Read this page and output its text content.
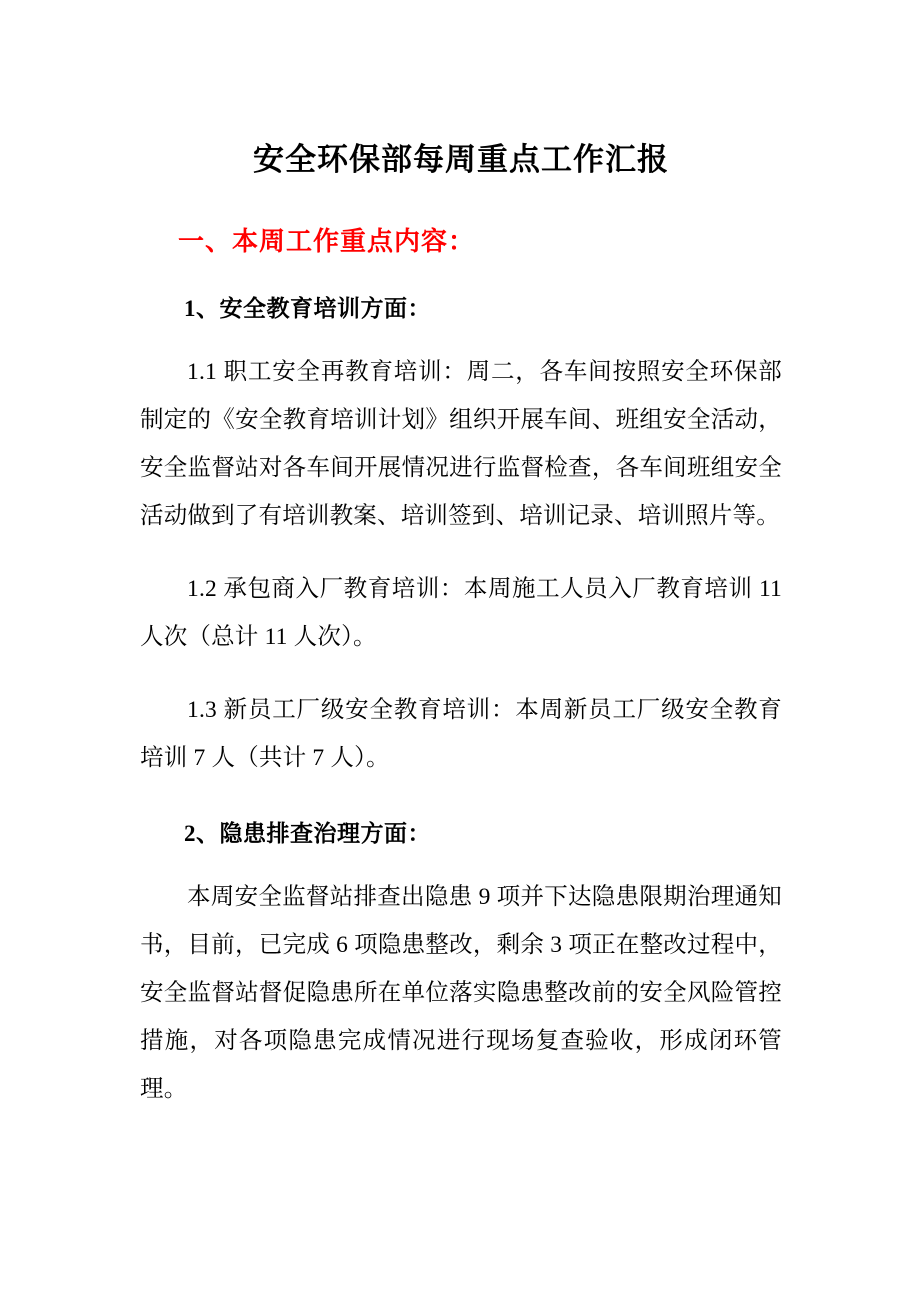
安全环保部每周重点工作汇报
一、本周工作重点内容：
1、安全教育培训方面：

1.1 职工安全再教育培训：周二，各车间按照安全环保部制定的《安全教育培训计划》组织开展车间、班组安全活动，安全监督站对各车间开展情况进行监督检查，各车间班组安全活动做到了有培训教案、培训签到、培训记录、培训照片等。

1.2 承包商入厂教育培训：本周施工人员入厂教育培训 11 人次（总计 11 人次）。

1.3 新员工厂级安全教育培训：本周新员工厂级安全教育培训 7 人（共计 7 人）。

2、隐患排查治理方面：

本周安全监督站排查出隐患 9 项并下达隐患限期治理通知书，目前，已完成 6 项隐患整改，剩余 3 项正在整改过程中，安全监督站督促隐患所在单位落实隐患整改前的安全风险管控措施，对各项隐患完成情况进行现场复查验收，形成闭环管理。
